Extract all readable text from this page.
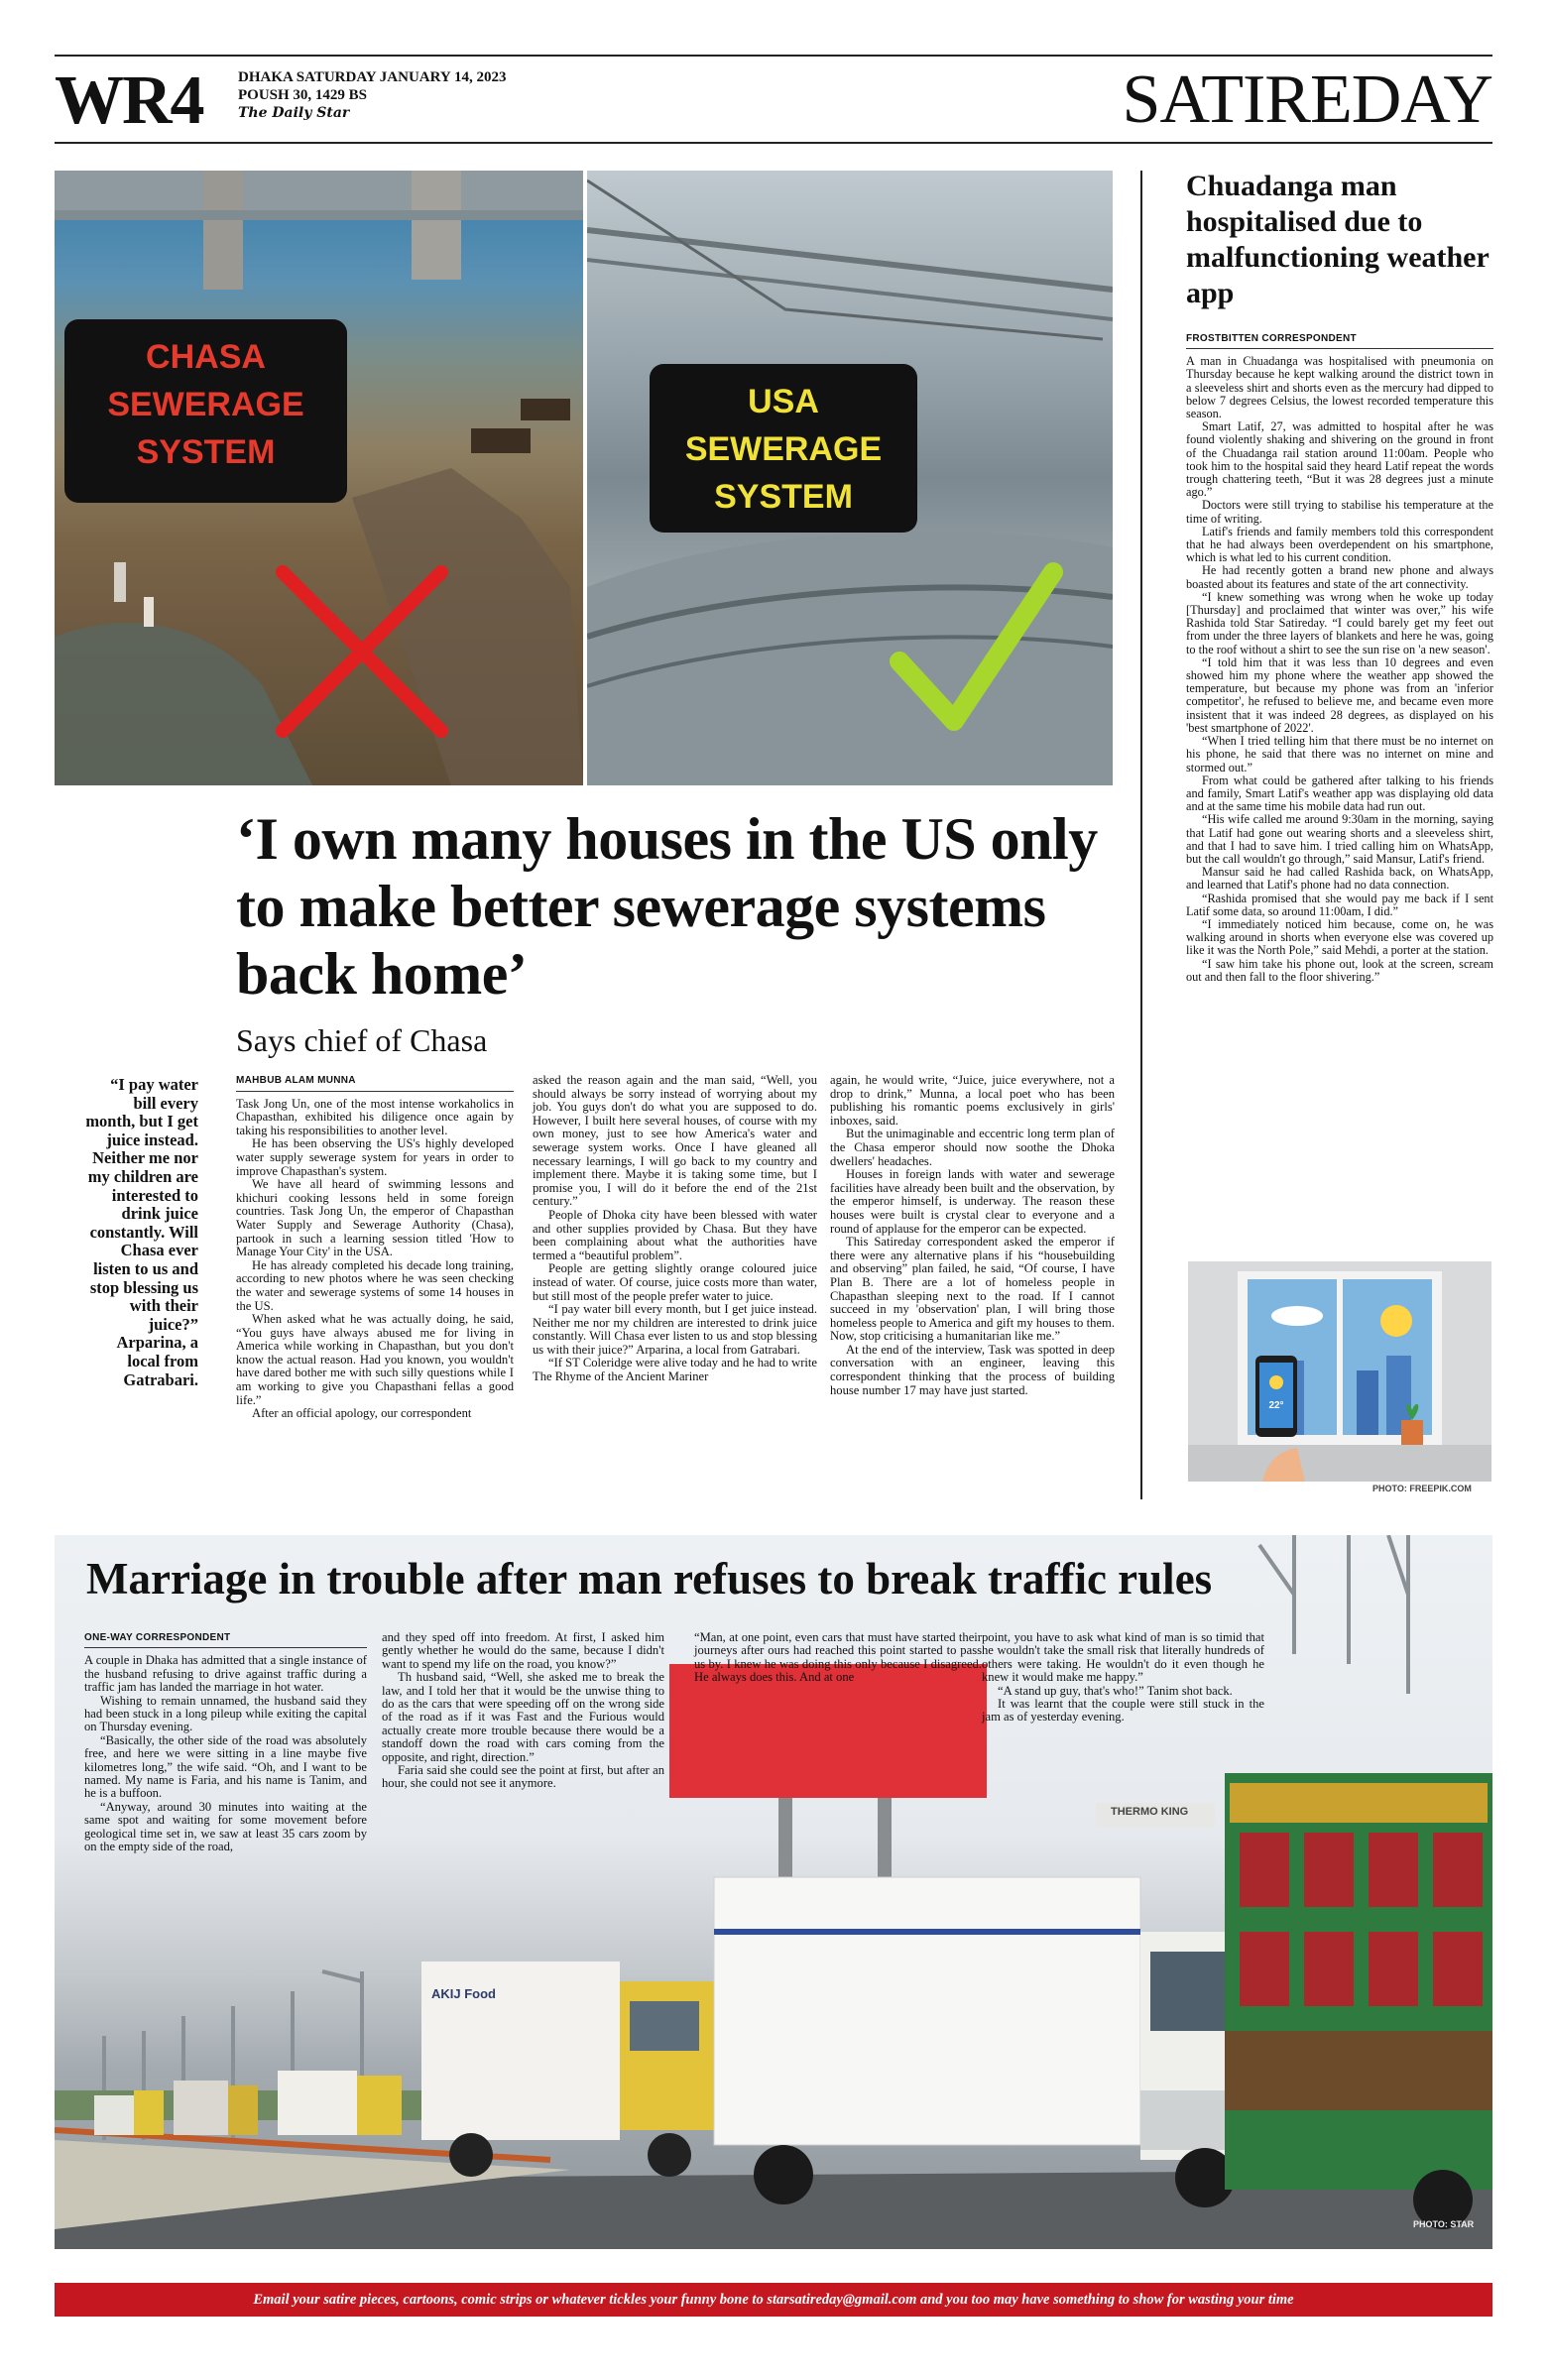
WR4 DHAKA SATURDAY JANUARY 14, 2023
POUSH 30, 1429 BS
The Daily Star	SATIREDAY
CHASA
SEWERAGE
SYSTEM
USA
SEWERAGE
SYSTEM
‘I own many houses in the US only to make better sewerage systems back home’
Says chief of Chasa
“I pay water bill every month, but I get juice instead. Neither me nor my children are interested to drink juice constantly. Will Chasa ever listen to us and stop blessing us with their juice?” Arparina, a local from Gatrabari.
MAHBUB ALAM MUNNA

Task Jong Un, one of the most intense workaholics in Chapasthan, exhibited his diligence once again by taking his responsibilities to another level.

He has been observing the US's highly developed water supply sewerage system for years in order to improve Chapasthan's system.

We have all heard of swimming lessons and khichuri cooking lessons held in some foreign countries. Task Jong Un, the emperor of Chapasthan Water Supply and Sewerage Authority (Chasa), partook in such a learning session titled 'How to Manage Your City' in the USA.

He has already completed his decade long training, according to new photos where he was seen checking the water and sewerage systems of some 14 houses in the US.

When asked what he was actually doing, he said, “You guys have always abused me for living in America while working in Chapasthan, but you don't know the actual reason. Had you known, you wouldn't have dared bother me with such silly questions while I am working to give you Chapasthani fellas a good life.”

After an official apology, our correspondent

asked the reason again and the man said, “Well, you should always be sorry instead of worrying about my job. You guys don't do what you are supposed to do. However, I built here several houses, of course with my own money, just to see how America's water and sewerage system works. Once I have gleaned all necessary learnings, I will go back to my country and implement there. Maybe it is taking some time, but I promise you, I will do it before the end of the 21st century.”

People of Dhoka city have been blessed with water and other supplies provided by Chasa. But they have been complaining about what the authorities have termed a “beautiful problem”.

People are getting slightly orange coloured juice instead of water. Of course, juice costs more than water, but still most of the people prefer water to juice.

“I pay water bill every month, but I get juice instead. Neither me nor my children are interested to drink juice constantly. Will Chasa ever listen to us and stop blessing us with their juice?” Arparina, a local from Gatrabari.

“If ST Coleridge were alive today and he had to write The Rhyme of the Ancient Mariner

again, he would write, “Juice, juice everywhere, not a drop to drink,” Munna, a local poet who has been publishing his romantic poems exclusively in girls' inboxes, said.

But the unimaginable and eccentric long term plan of the Chasa emperor should now soothe the Dhoka dwellers' headaches.

Houses in foreign lands with water and sewerage facilities have already been built and the observation, by the emperor himself, is underway. The reason these houses were built is crystal clear to everyone and a round of applause for the emperor can be expected.

This Satireday correspondent asked the emperor if there were any alternative plans if his “housebuilding and observing” plan failed, he said, “Of course, I have Plan B. There are a lot of homeless people in Chapasthan sleeping next to the road. If I cannot succeed in my 'observation' plan, I will bring those homeless people to America and gift my houses to them. Now, stop criticising a humanitarian like me.”

At the end of the interview, Task was spotted in deep conversation with an engineer, leaving this correspondent thinking that the process of building house number 17 may have just started.

Chuadanga man hospitalised due to malfunctioning weather app
FROSTBITTEN CORRESPONDENT

A man in Chuadanga was hospitalised with pneumonia on Thursday because he kept walking around the district town in a sleeveless shirt and shorts even as the mercury had dipped to below 7 degrees Celsius, the lowest recorded temperature this season.

Smart Latif, 27, was admitted to hospital after he was found violently shaking and shivering on the ground in front of the Chuadanga rail station around 11:00am. People who took him to the hospital said they heard Latif repeat the words trough chattering teeth, “But it was 28 degrees just a minute ago.”

Doctors were still trying to stabilise his temperature at the time of writing.

Latif's friends and family members told this correspondent that he had always been overdependent on his smartphone, which is what led to his current condition.

He had recently gotten a brand new phone and always boasted about its features and state of the art connectivity.

“I knew something was wrong when he woke up today [Thursday] and proclaimed that winter was over,” his wife Rashida told Star Satireday. “I could barely get my feet out from under the three layers of blankets and here he was, going to the roof without a shirt to see the sun rise on 'a new season'.

“I told him that it was less than 10 degrees and even showed him my phone where the weather app showed the temperature, but because my phone was from an 'inferior competitor', he refused to believe me, and became even more insistent that it was indeed 28 degrees, as displayed on his 'best smartphone of 2022'.

“When I tried telling him that there must be no internet on his phone, he said that there was no internet on mine and stormed out.”

From what could be gathered after talking to his friends and family, Smart Latif's weather app was displaying old data and at the same time his mobile data had run out.

“His wife called me around 9:30am in the morning, saying that Latif had gone out wearing shorts and a sleeveless shirt, and that I had to save him. I tried calling him on WhatsApp, but the call wouldn't go through,” said Mansur, Latif's friend.

Mansur said he had called Rashida back, on WhatsApp, and learned that Latif's phone had no data connection.

“Rashida promised that she would pay me back if I sent Latif some data, so around 11:00am, I did.”

“I immediately noticed him because, come on, he was walking around in shorts when everyone else was covered up like it was the North Pole,” said Mehdi, a porter at the station.

“I saw him take his phone out, look at the screen, scream out and then fall to the floor shivering.”

22°
PHOTO: FREEPIK.COM
THERMO KING
AKIJ Food
Marriage in trouble after man refuses to break traffic rules
ONE-WAY CORRESPONDENT

A couple in Dhaka has admitted that a single instance of the husband refusing to drive against traffic during a traffic jam has landed the marriage in hot water.

Wishing to remain unnamed, the husband said they had been stuck in a long pileup while exiting the capital on Thursday evening.

“Basically, the other side of the road was absolutely free, and here we were sitting in a line maybe five kilometres long,” the wife said. “Oh, and I want to be named. My name is Faria, and his name is Tanim, and he is a buffoon.

“Anyway, around 30 minutes into waiting at the same spot and waiting for some movement before geological time set in, we saw at least 35 cars zoom by on the empty side of the road,

and they sped off into freedom. At first, I asked him gently whether he would do the same, because I didn't want to spend my life on the road, you know?”

Th husband said, “Well, she asked me to break the law, and I told her that it would be the unwise thing to do as the cars that were speeding off on the wrong side of the road as if it was Fast and the Furious would actually create more trouble because there would be a standoff down the road with cars coming from the opposite, and right, direction.”

Faria said she could see the point at first, but after an hour, she could not see it anymore.

“Man, at one point, even cars that must have started their journeys after ours had reached this point started to pass us by. I knew he was doing this only because I disagreed. He always does this. And at one

point, you have to ask what kind of man is so timid that he wouldn't take the small risk that literally hundreds of others were taking. He wouldn't do it even though he knew it would make me happy.”

“A stand up guy, that's who!” Tanim shot back.

It was learnt that the couple were still stuck in the jam as of yesterday evening.

PHOTO: STAR
Email your satire pieces, cartoons, comic strips or whatever tickles your funny bone to starsatireday@gmail.com and you too may have something to show for wasting your time
